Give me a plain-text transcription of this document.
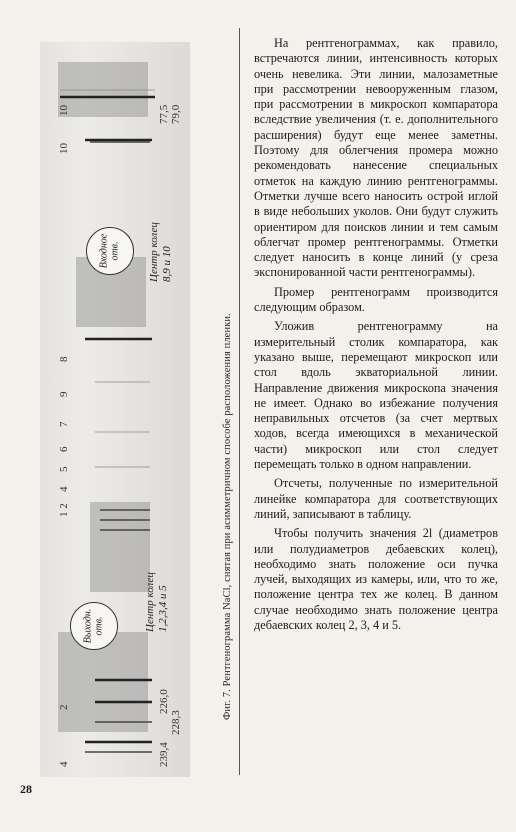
10
10
8
9
7
6
5
4
1 2
2
4
77,5 79,0
226,0
228,3
239,4
Входное
отв.
Выходн.
отв.
Центр колец
8,9 и 10
Центр колец
1,2,3,4 и 5	Фиг. 7. Рентгенограмма NaCl, снятая при асимметричном способе расположения пленки.

На рентгенограммах, как правило, встречаются линии, интенсивность которых очень невелика. Эти линии, малозаметные при рассмотрении невооруженным глазом, при рассмотрении в микроскоп компаратора вследствие увеличения (т. е. дополнительного расширения) будут еще менее заметны. Поэтому для облегчения промера можно рекомендовать нанесение специальных отметок на каждую линию рентгенограммы. Отметки лучше всего наносить острой иглой в виде небольших уколов. Они будут служить ориентиром для поисков линии и тем самым облегчат промер рентгенограммы. Отметки следует наносить в конце линий (у среза экспонированной части рентгенограммы).

Промер рентгенограмм производится следующим образом.

Уложив рентгенограмму на измерительный столик компаратора, как указано выше, перемещают микроскоп или стол вдоль экваториальной линии. Направление движения микроскопа значения не имеет. Однако во избежание получения неправильных отсчетов (за счет мертвых ходов, всегда имеющихся в механической части) микроскоп или стол следует перемещать только в одном направлении.

Отсчеты, полученные по измерительной линейке компаратора для соответствующих линий, записывают в таблицу.

Чтобы получить значения 2l (диаметров или полудиаметров дебаевских колец), необходимо знать положение оси пучка лучей, выходящих из камеры, или, что то же, положение центра тех же колец. В данном случае необходимо знать положение центра дебаевских колец 2, 3, 4 и 5.

28
